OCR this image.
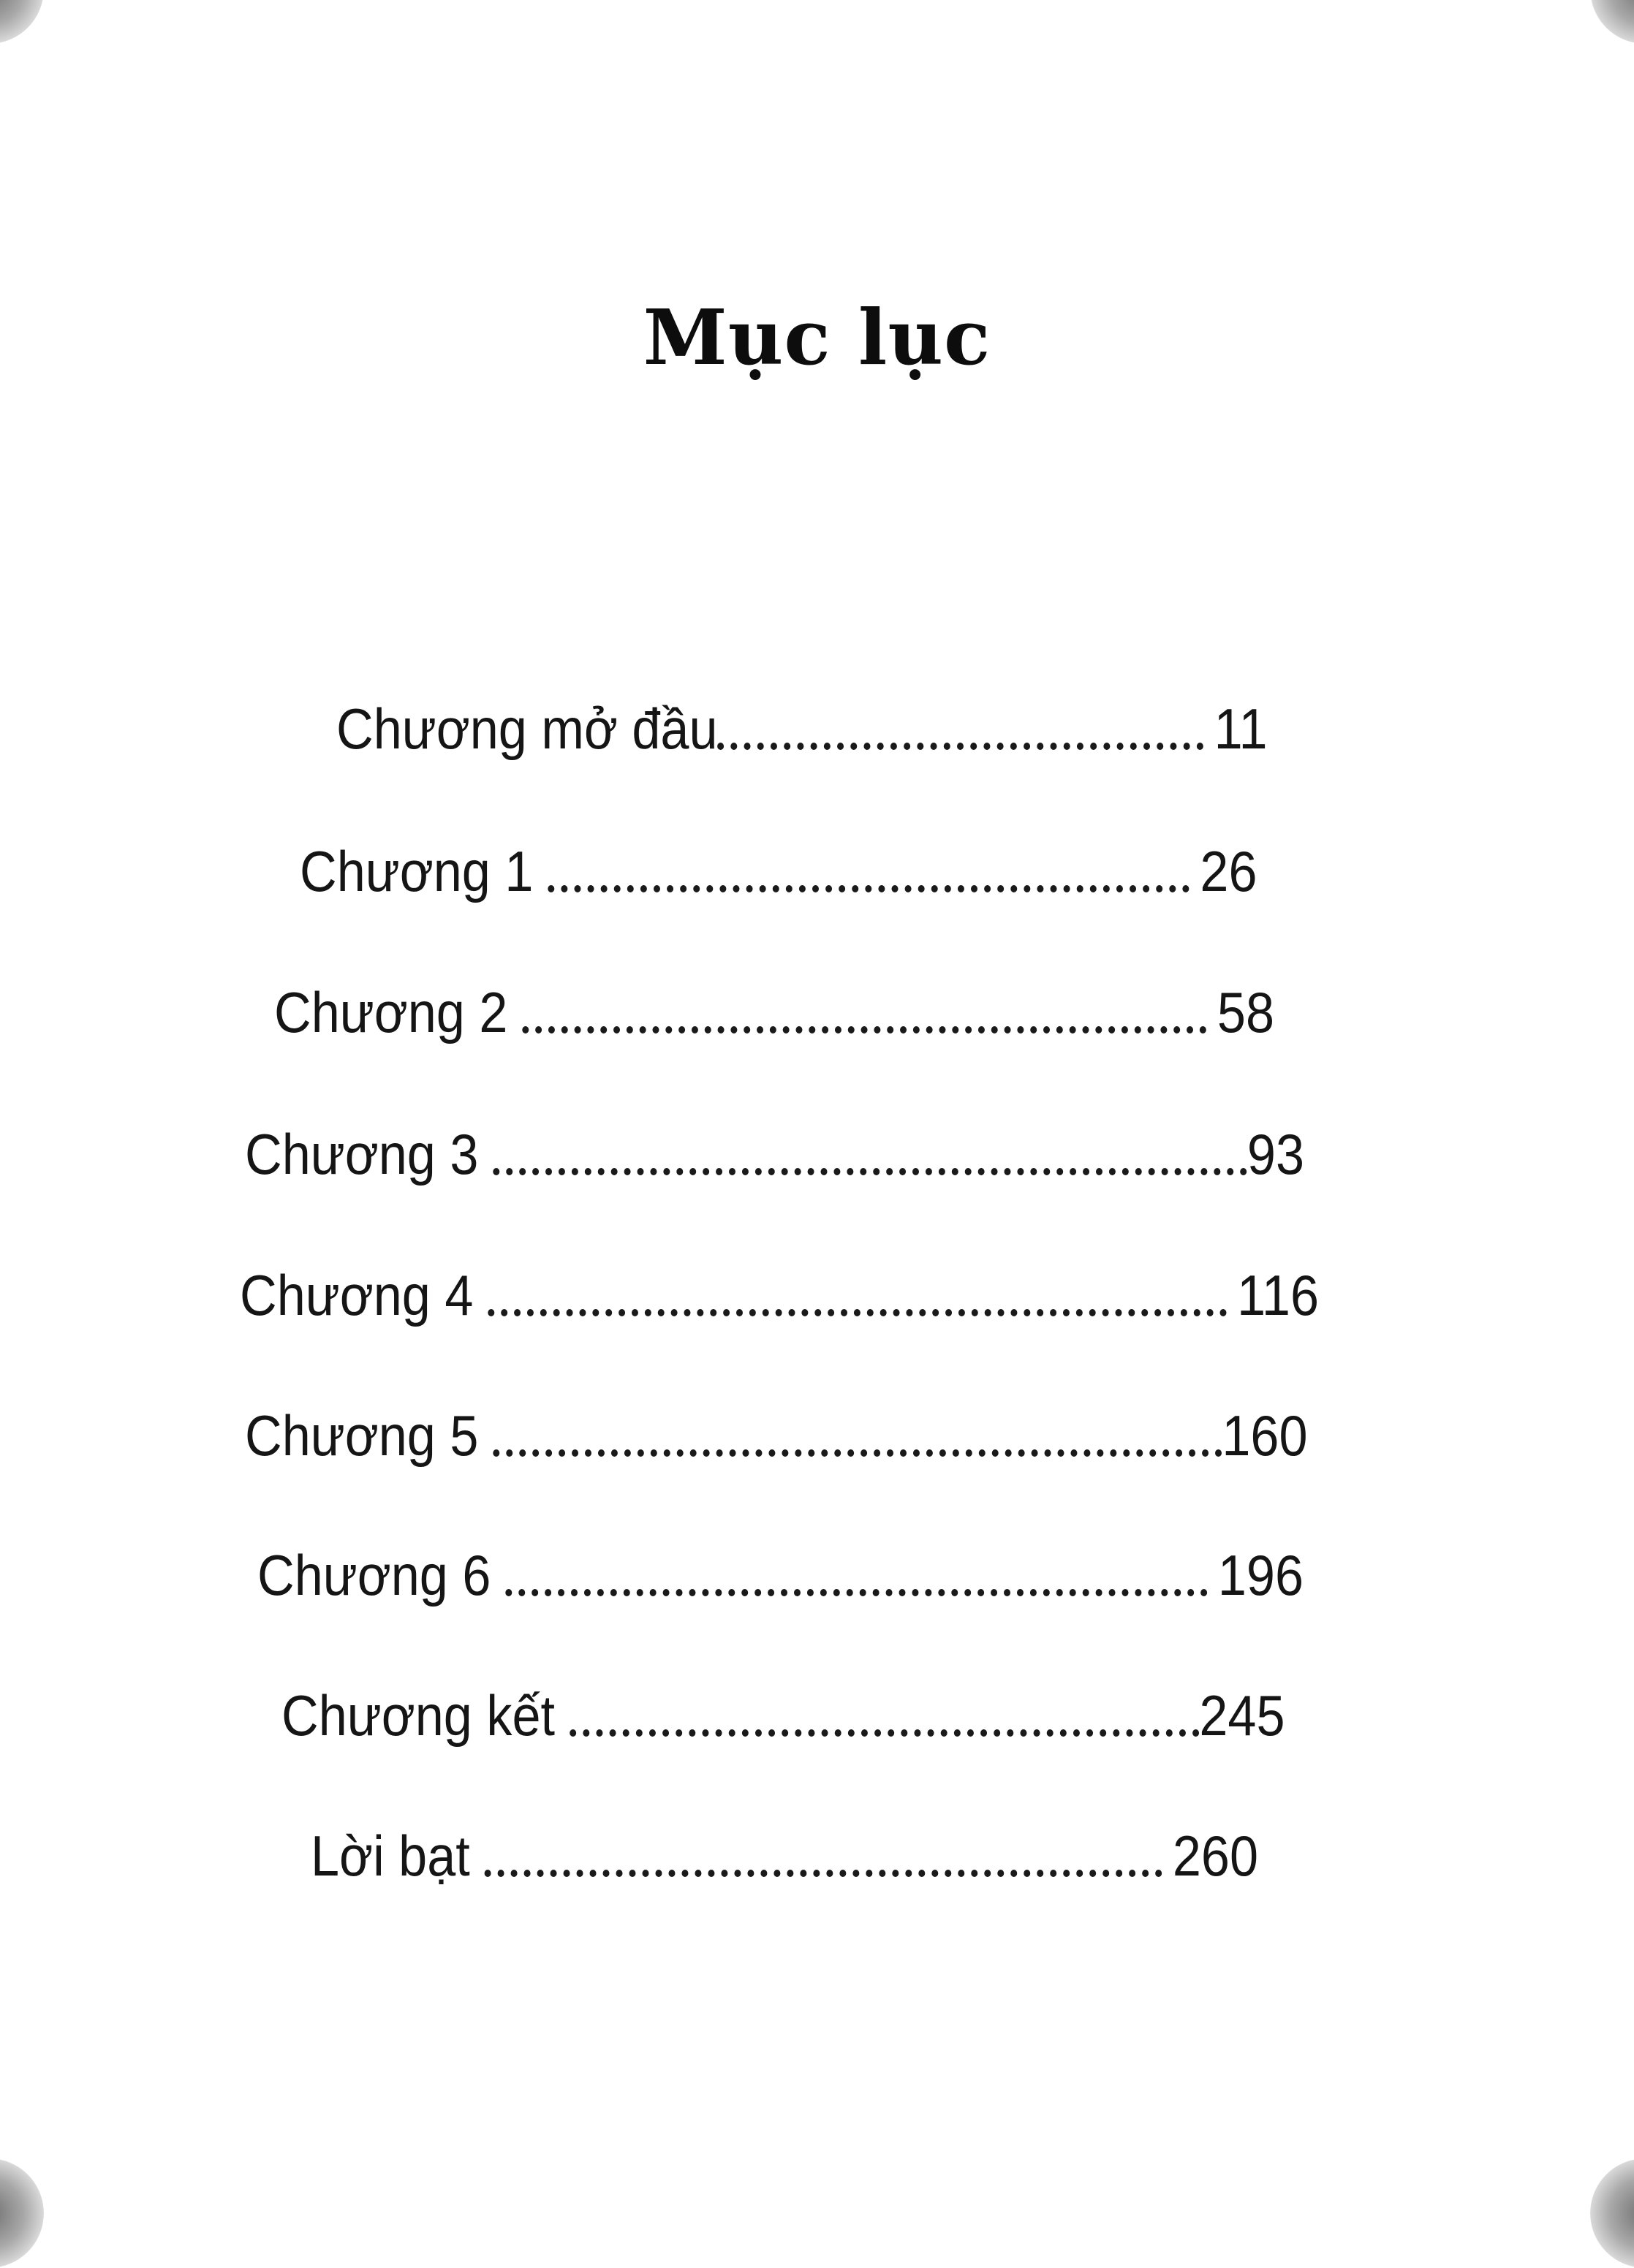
Mục lục
Chương mở đầu	11
Chương 1	26
Chương 2	58
Chương 3	93
Chương 4	116
Chương 5	160
Chương 6	196
Chương kết	245
Lời bạt	260
